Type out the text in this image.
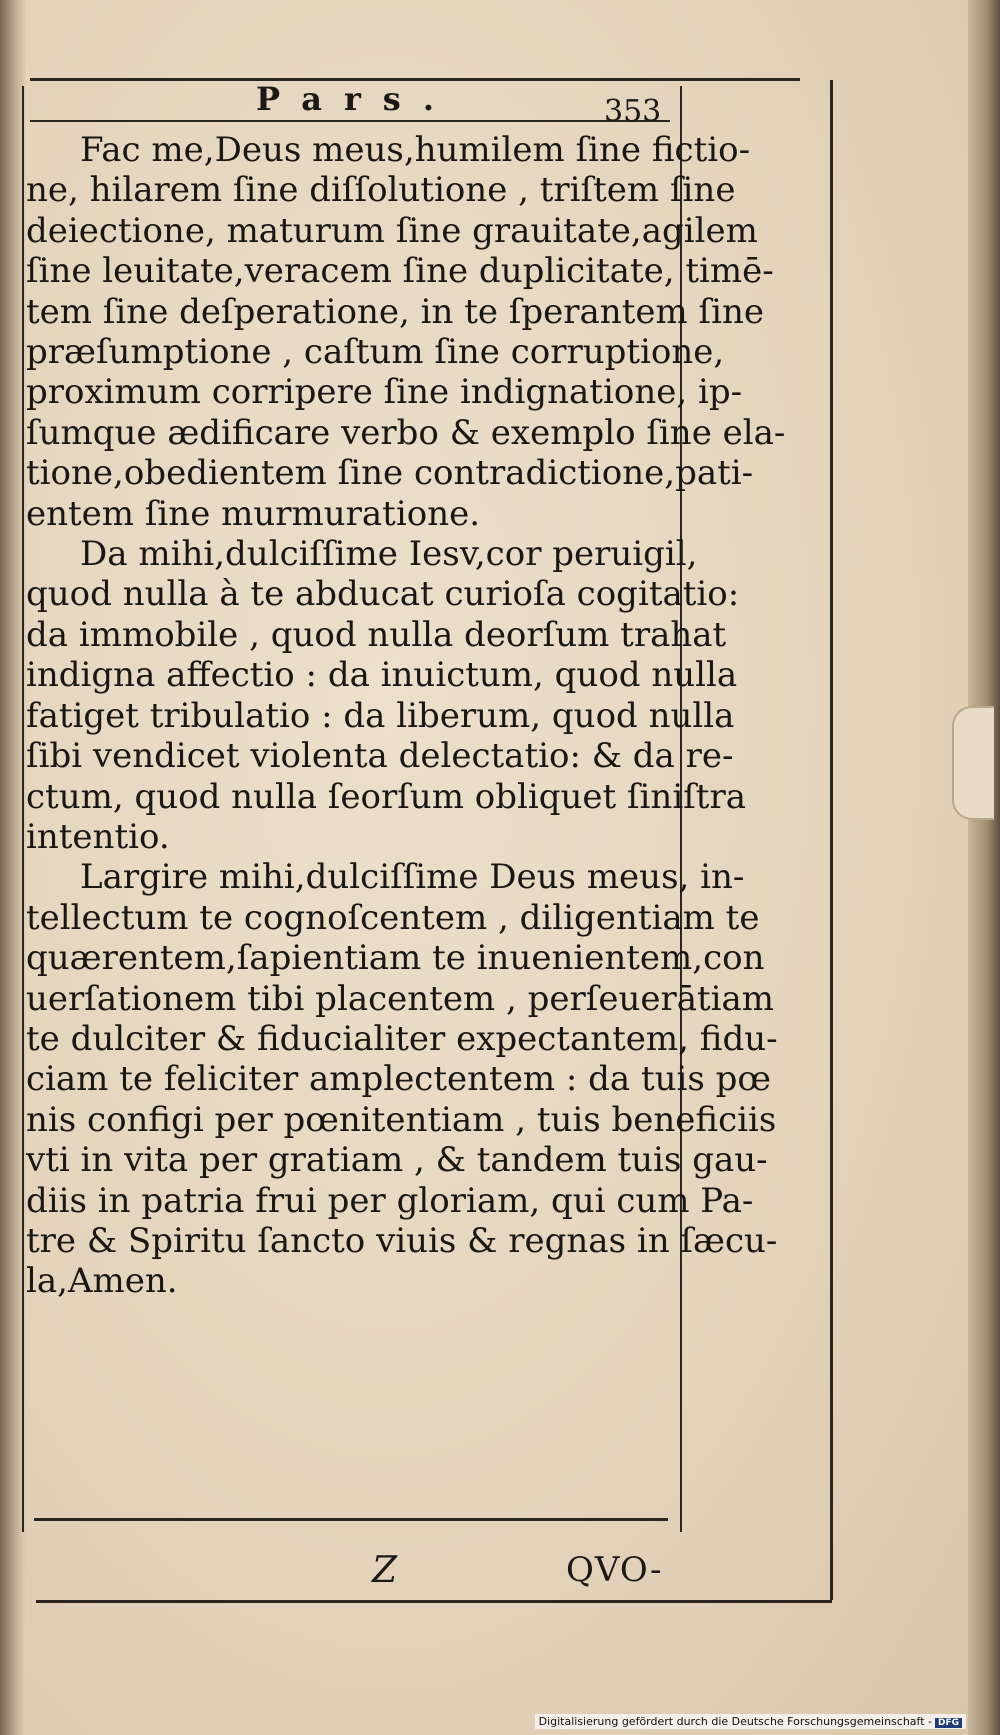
Pars.	353
Fac me,Deus meus,humilem ſine fictio-
ne, hilarem ſine diſſolutione , triſtem ſine
deiectione, maturum ſine grauitate,agilem
ſine leuitate,veracem ſine duplicitate, timē-
tem ſine deſperatione, in te ſperantem ſine
præſumptione , caſtum ſine corruptione,
proximum corripere ſine indignatione, ip-
ſumque ædificare verbo & exemplo ſine ela-
tione,obedientem ſine contradictione,pati-
entem ſine murmuratione.
Da mihi,dulciſſime Iesv,cor peruigil,
quod nulla à te abducat curioſa cogitatio:
da immobile , quod nulla deorſum trahat
indigna affectio : da inuictum, quod nulla
fatiget tribulatio : da liberum, quod nulla
ſibi vendicet violenta delectatio: & da re-
ctum, quod nulla ſeorſum obliquet ſiniſtra
intentio.
Largire mihi,dulciſſime Deus meus, in-
tellectum te cognoſcentem , diligentiam te
quærentem,ſapientiam te inuenientem,con
uerſationem tibi placentem , perſeuerātiam
te dulciter & fiducialiter expectantem, fidu-
ciam te feliciter amplectentem : da tuis pœ
nis configi per pœnitentiam , tuis beneficiis
vti in vita per gratiam , & tandem tuis gau-
diis in patria frui per gloriam, qui cum Pa-
tre & Spiritu ſancto viuis & regnas in ſæcu-
la,Amen.
Z	QVO-
Digitalisierung gefördert durch die Deutsche Forschungsgemeinschaft - DFG
